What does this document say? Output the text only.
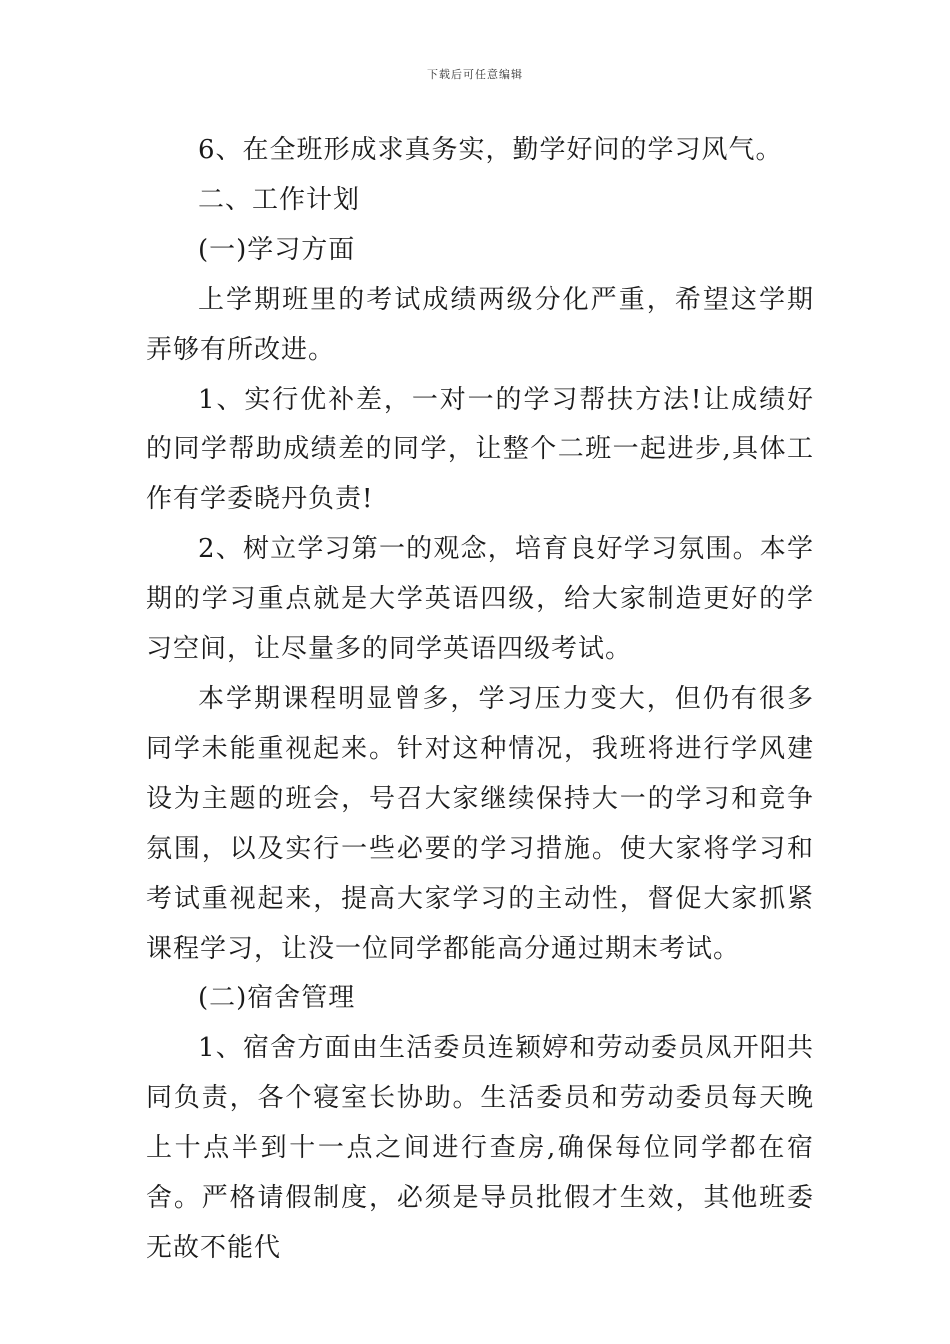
下载后可任意编辑

6、在全班形成求真务实，勤学好问的学习风气。

二、工作计划

(一)学习方面

上学期班里的考试成绩两级分化严重，希望这学期弄够有所改进。

1、实行优补差，一对一的学习帮扶方法!让成绩好的同学帮助成绩差的同学，让整个二班一起进步,具体工作有学委晓丹负责!

2、树立学习第一的观念，培育良好学习氛围。本学期的学习重点就是大学英语四级，给大家制造更好的学习空间，让尽量多的同学英语四级考试。

本学期课程明显曾多，学习压力变大，但仍有很多同学未能重视起来。针对这种情况，我班将进行学风建设为主题的班会，号召大家继续保持大一的学习和竞争氛围，以及实行一些必要的学习措施。使大家将学习和考试重视起来，提高大家学习的主动性，督促大家抓紧课程学习，让没一位同学都能高分通过期末考试。

(二)宿舍管理

1、宿舍方面由生活委员连颖婷和劳动委员凤开阳共同负责，各个寝室长协助。生活委员和劳动委员每天晚上十点半到十一点之间进行查房,确保每位同学都在宿舍。严格请假制度，必须是导员批假才生效，其他班委无故不能代
